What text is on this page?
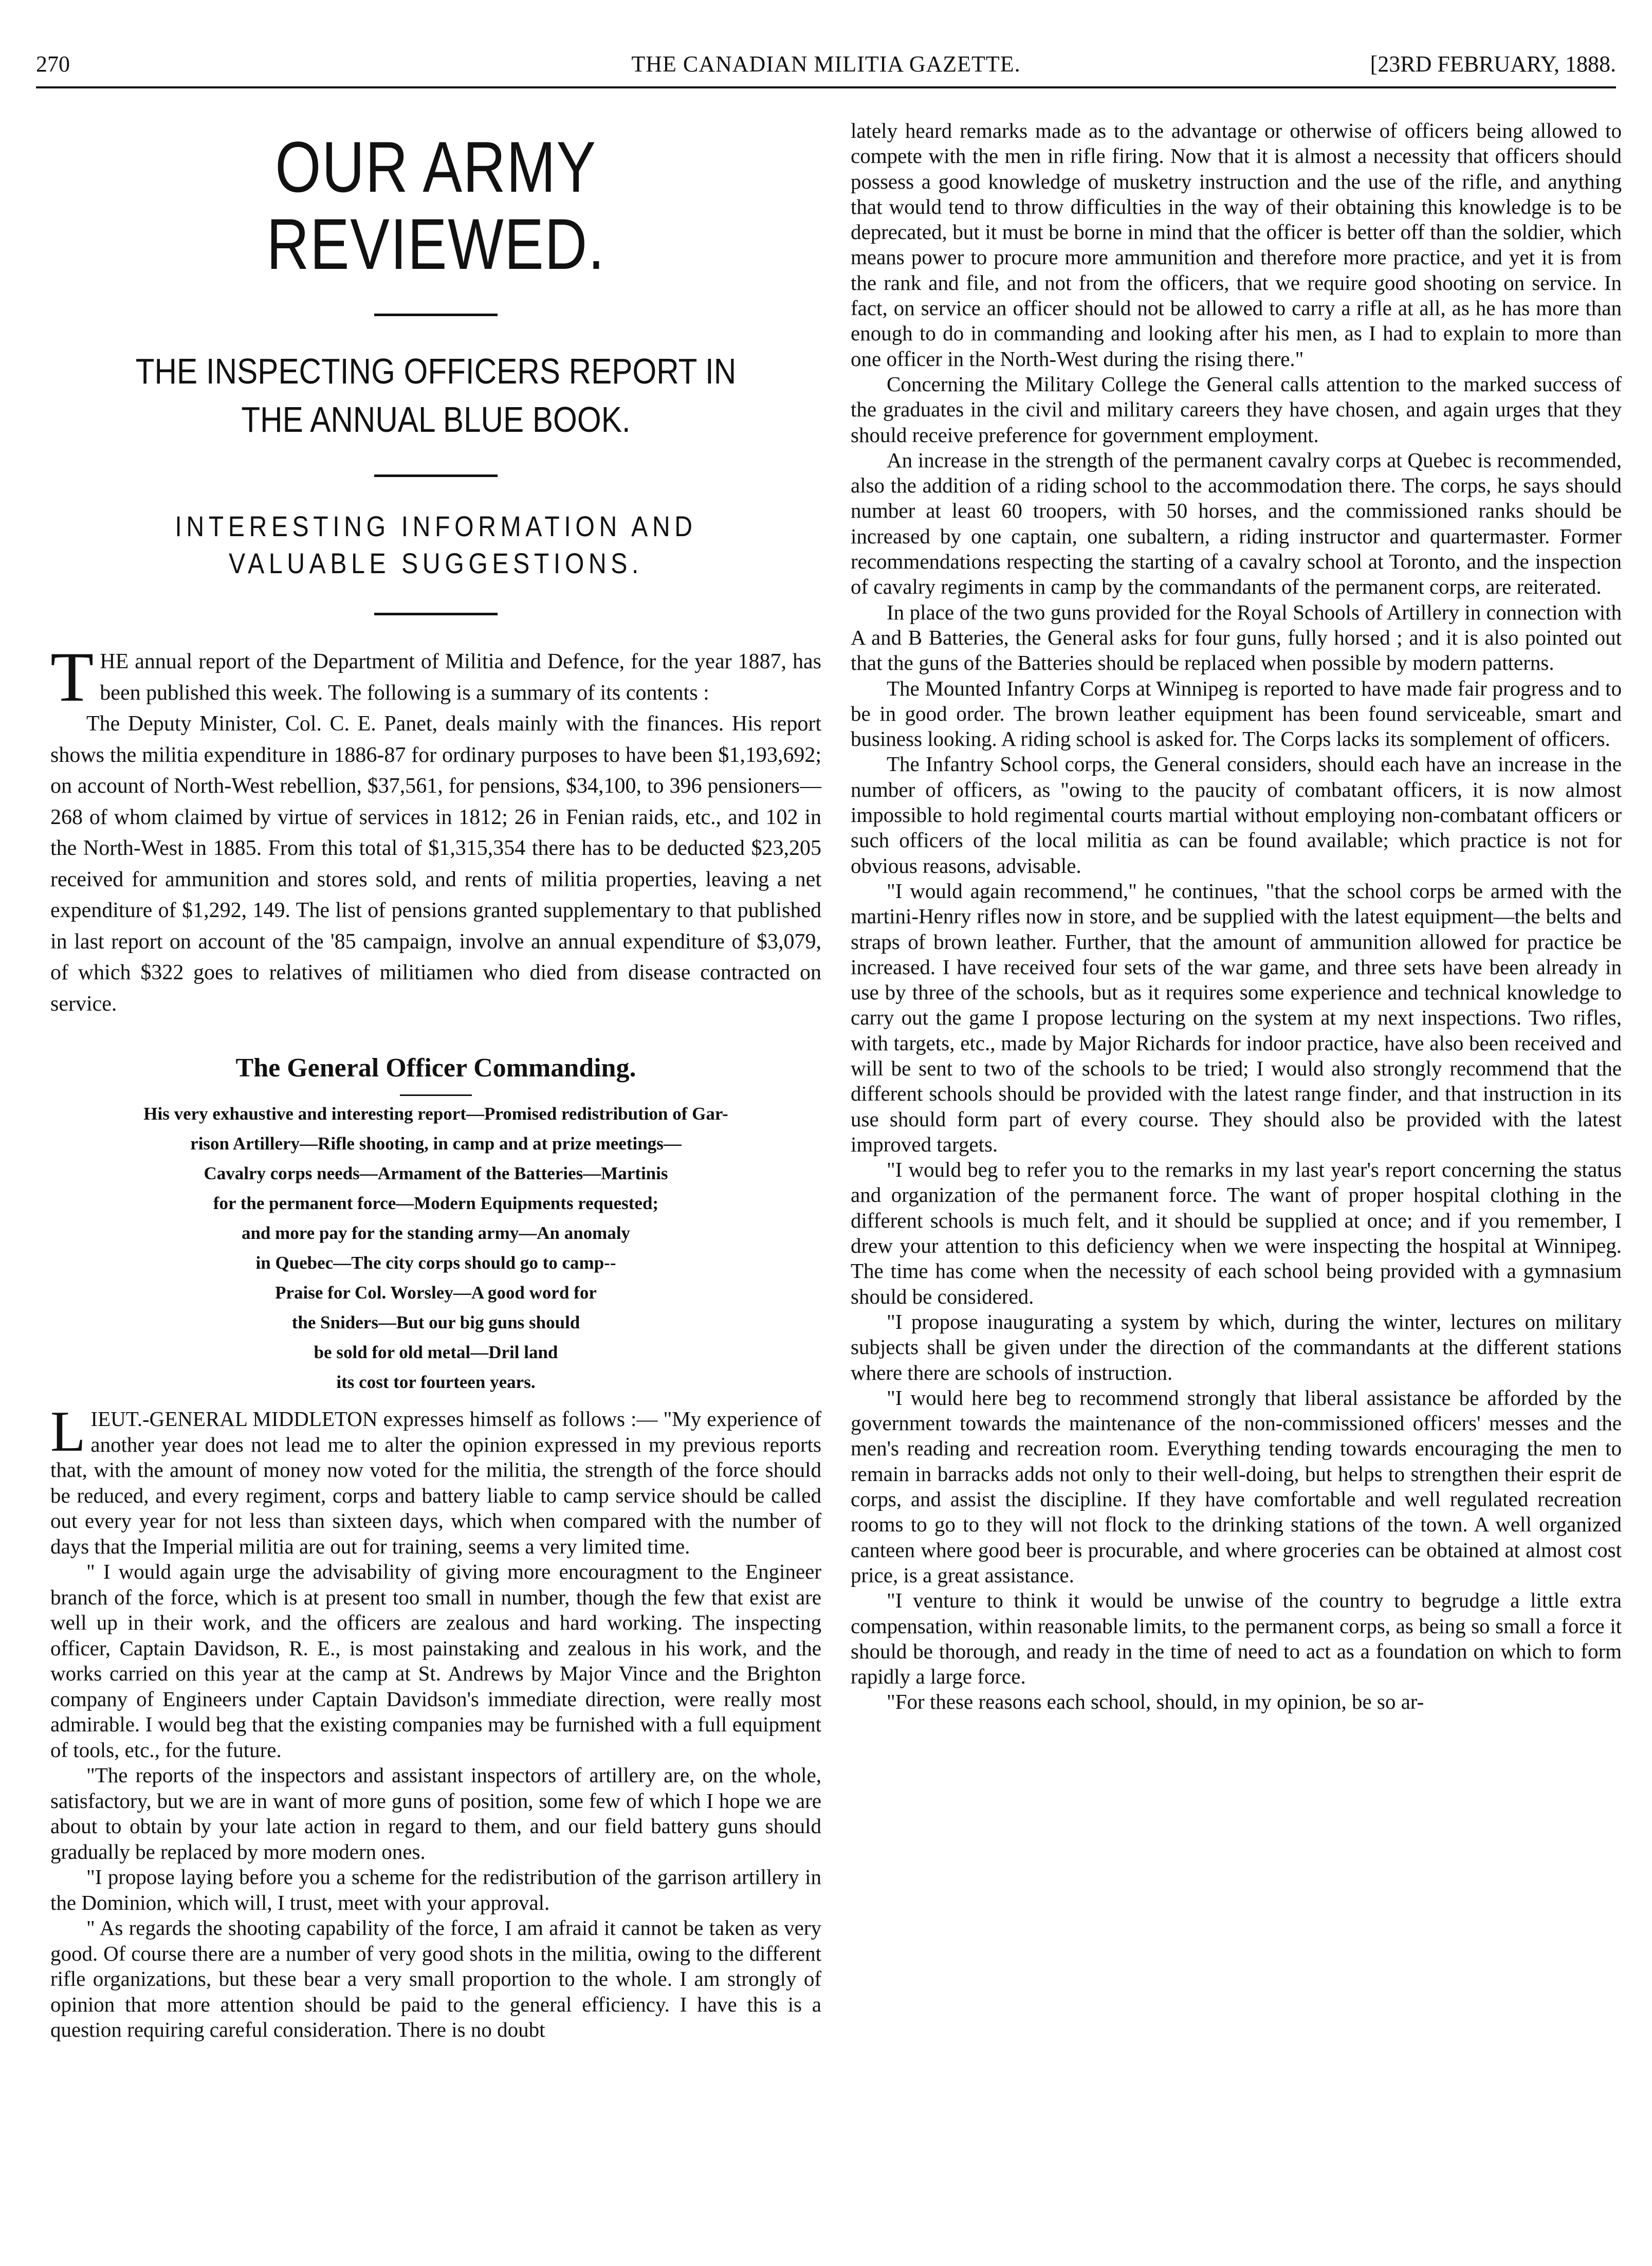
270	THE CANADIAN MILITIA GAZETTE.	[23RD FEBRUARY, 1888.
OUR ARMY REVIEWED.
THE INSPECTING OFFICERS REPORT IN THE ANNUAL BLUE BOOK.
INTERESTING INFORMATION AND VALUABLE SUGGESTIONS.

THE annual report of the Department of Militia and Defence, for the year 1887, has been published this week. The following is a summary of its contents :

The Deputy Minister, Col. C. E. Panet, deals mainly with the finances. His report shows the militia expenditure in 1886-87 for ordinary purposes to have been $1,193,692; on account of North-West rebellion, $37,561, for pensions, $34,100, to 396 pensioners—268 of whom claimed by virtue of services in 1812; 26 in Fenian raids, etc., and 102 in the North-West in 1885. From this total of $1,315,354 there has to be deducted $23,205 received for ammunition and stores sold, and rents of militia properties, leaving a net expenditure of $1,292, 149. The list of pensions granted supplementary to that published in last report on account of the '85 campaign, involve an annual expenditure of $3,079, of which $322 goes to relatives of militiamen who died from disease contracted on service.

The General Officer Commanding.
His very exhaustive and interesting report—Promised redistribution of Gar-
rison Artillery—Rifle shooting, in camp and at prize meetings—
Cavalry corps needs—Armament of the Batteries—Martinis
for the permanent force—Modern Equipments requested;
and more pay for the standing army—An anomaly
in Quebec—The city corps should go to camp--
Praise for Col. Worsley—A good word for
the Sniders—But our big guns should
be sold for old metal—Dril land
its cost tor fourteen years.

LIEUT.-GENERAL MIDDLETON expresses himself as follows :— "My experience of another year does not lead me to alter the opinion expressed in my previous reports that, with the amount of money now voted for the militia, the strength of the force should be reduced, and every regiment, corps and battery liable to camp service should be called out every year for not less than sixteen days, which when compared with the number of days that the Imperial militia are out for training, seems a very limited time.

" I would again urge the advisability of giving more encouragment to the Engineer branch of the force, which is at present too small in number, though the few that exist are well up in their work, and the officers are zealous and hard working. The inspecting officer, Captain Davidson, R. E., is most painstaking and zealous in his work, and the works carried on this year at the camp at St. Andrews by Major Vince and the Brighton company of Engineers under Captain Davidson's immediate direction, were really most admirable. I would beg that the existing companies may be furnished with a full equipment of tools, etc., for the future.

"The reports of the inspectors and assistant inspectors of artillery are, on the whole, satisfactory, but we are in want of more guns of position, some few of which I hope we are about to obtain by your late action in regard to them, and our field battery guns should gradually be replaced by more modern ones.

"I propose laying before you a scheme for the redistribution of the garrison artillery in the Dominion, which will, I trust, meet with your approval.

" As regards the shooting capability of the force, I am afraid it cannot be taken as very good. Of course there are a number of very good shots in the militia, owing to the different rifle organizations, but these bear a very small proportion to the whole. I am strongly of opinion that more attention should be paid to the general efficiency. I have this is a question requiring careful consideration. There is no doubt

lately heard remarks made as to the advantage or otherwise of officers being allowed to compete with the men in rifle firing. Now that it is almost a necessity that officers should possess a good knowledge of musketry instruction and the use of the rifle, and anything that would tend to throw difficulties in the way of their obtaining this knowledge is to be deprecated, but it must be borne in mind that the officer is better off than the soldier, which means power to procure more ammunition and therefore more practice, and yet it is from the rank and file, and not from the officers, that we require good shooting on service. In fact, on service an officer should not be allowed to carry a rifle at all, as he has more than enough to do in commanding and looking after his men, as I had to explain to more than one officer in the North-West during the rising there."

Concerning the Military College the General calls attention to the marked success of the graduates in the civil and military careers they have chosen, and again urges that they should receive preference for government employment.

An increase in the strength of the permanent cavalry corps at Quebec is recommended, also the addition of a riding school to the accommodation there. The corps, he says should number at least 60 troopers, with 50 horses, and the commissioned ranks should be increased by one captain, one subaltern, a riding instructor and quartermaster. Former recommendations respecting the starting of a cavalry school at Toronto, and the inspection of cavalry regiments in camp by the commandants of the permanent corps, are reiterated.

In place of the two guns provided for the Royal Schools of Artillery in connection with A and B Batteries, the General asks for four guns, fully horsed ; and it is also pointed out that the guns of the Batteries should be replaced when possible by modern patterns.

The Mounted Infantry Corps at Winnipeg is reported to have made fair progress and to be in good order. The brown leather equipment has been found serviceable, smart and business looking. A riding school is asked for. The Corps lacks its somplement of officers.

The Infantry School corps, the General considers, should each have an increase in the number of officers, as "owing to the paucity of combatant officers, it is now almost impossible to hold regimental courts martial without employing non-combatant officers or such officers of the local militia as can be found available; which practice is not for obvious reasons, advisable.

"I would again recommend," he continues, "that the school corps be armed with the martini-Henry rifles now in store, and be supplied with the latest equipment—the belts and straps of brown leather. Further, that the amount of ammunition allowed for practice be increased. I have received four sets of the war game, and three sets have been already in use by three of the schools, but as it requires some experience and technical knowledge to carry out the game I propose lecturing on the system at my next inspections. Two rifles, with targets, etc., made by Major Richards for indoor practice, have also been received and will be sent to two of the schools to be tried; I would also strongly recommend that the different schools should be provided with the latest range finder, and that instruction in its use should form part of every course. They should also be provided with the latest improved targets.

"I would beg to refer you to the remarks in my last year's report concerning the status and organization of the permanent force. The want of proper hospital clothing in the different schools is much felt, and it should be supplied at once; and if you remember, I drew your attention to this deficiency when we were inspecting the hospital at Winnipeg. The time has come when the necessity of each school being provided with a gymnasium should be considered.

"I propose inaugurating a system by which, during the winter, lectures on military subjects shall be given under the direction of the commandants at the different stations where there are schools of instruction.

"I would here beg to recommend strongly that liberal assistance be afforded by the government towards the maintenance of the non-commissioned officers' messes and the men's reading and recreation room. Everything tending towards encouraging the men to remain in barracks adds not only to their well-doing, but helps to strengthen their esprit de corps, and assist the discipline. If they have comfortable and well regulated recreation rooms to go to they will not flock to the drinking stations of the town. A well organized canteen where good beer is procurable, and where groceries can be obtained at almost cost price, is a great assistance.

"I venture to think it would be unwise of the country to begrudge a little extra compensation, within reasonable limits, to the permanent corps, as being so small a force it should be thorough, and ready in the time of need to act as a foundation on which to form rapidly a large force.

"For these reasons each school, should, in my opinion, be so ar-
